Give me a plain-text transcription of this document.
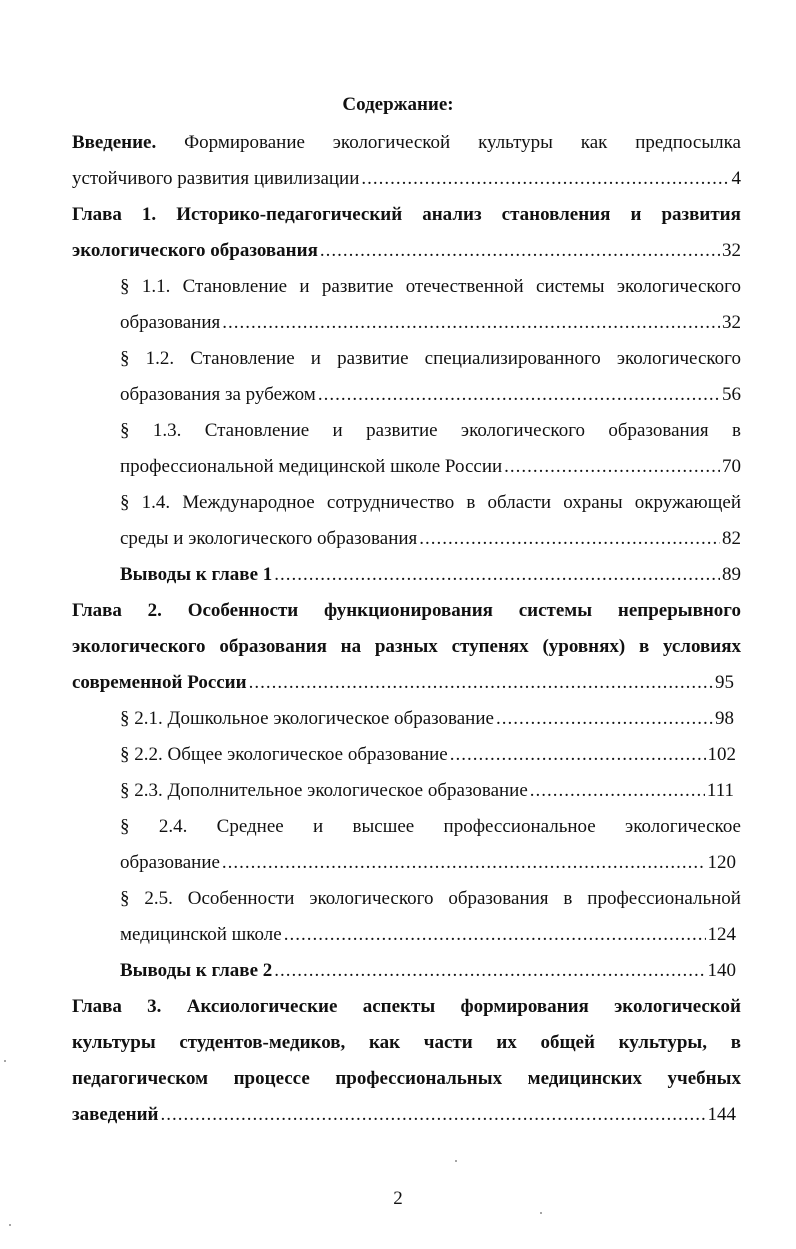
Содержание:
Введение. Формирование экологической культуры как предпосылка
устойчивого развития цивилизации .....	4
Глава 1. Историко-педагогический анализ становления и развития
экологического образования .....	32
§ 1.1. Становление и развитие отечественной системы экологического
образования .....	32
§ 1.2. Становление и развитие специализированного экологического
образования за рубежом .....	56
§ 1.3. Становление и развитие экологического образования в
профессиональной медицинской школе России .....	70
§ 1.4. Международное сотрудничество в области охраны окружающей
среды и экологического образования .....	82
Выводы к главе 1 .....	89
Глава 2. Особенности функционирования системы непрерывного
экологического образования на разных ступенях (уровнях) в условиях
современной России .....	95
§ 2.1. Дошкольное экологическое образование .....	98
§ 2.2. Общее экологическое образование .....	102
§ 2.3. Дополнительное экологическое образование .....	111
§ 2.4. Среднее и высшее профессиональное экологическое
образование .....	120
§ 2.5. Особенности экологического образования в профессиональной
медицинской школе .....	124
Выводы к главе 2 .....	140
Глава 3. Аксиологические аспекты формирования экологической
культуры студентов-медиков, как части их общей культуры, в
педагогическом процессе профессиональных медицинских учебных
заведений .....	144
2
